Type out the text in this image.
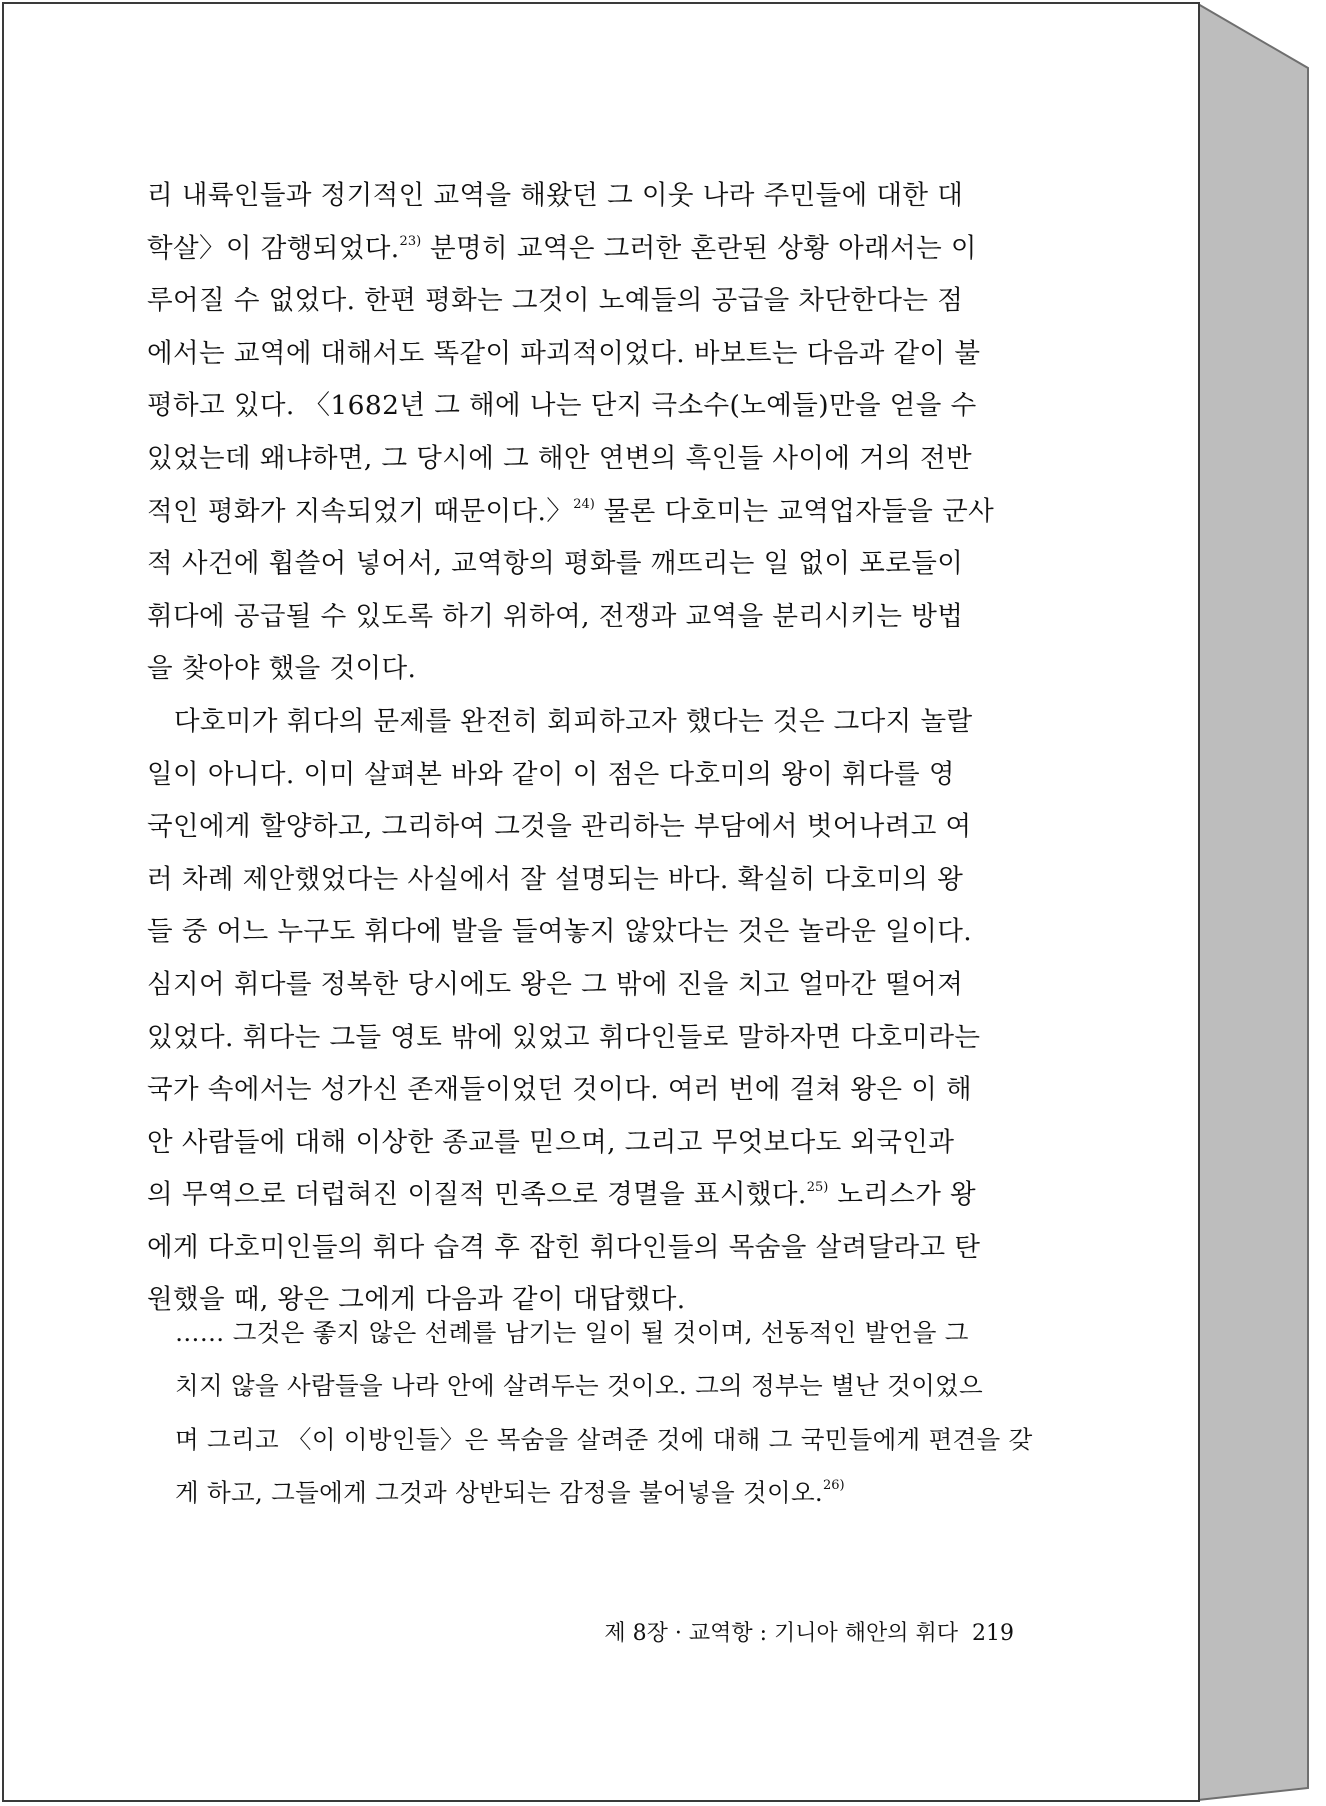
리 내륙인들과 정기적인 교역을 해왔던 그 이웃 나라 주민들에 대한 대
학살〉이 감행되었다.$^{23)}$ 분명히 교역은 그러한 혼란된 상황 아래서는 이
루어질 수 없었다. 한편 평화는 그것이 노예들의 공급을 차단한다는 점
에서는 교역에 대해서도 똑같이 파괴적이었다. 바보트는 다음과 같이 불
평하고 있다. 〈1682년 그 해에 나는 단지 극소수(노예들)만을 얻을 수
있었는데 왜냐하면, 그 당시에 그 해안 연변의 흑인들 사이에 거의 전반
적인 평화가 지속되었기 때문이다.〉$^{24)}$ 물론 다호미는 교역업자들을 군사
적 사건에 휩쓸어 넣어서, 교역항의 평화를 깨뜨리는 일 없이 포로들이
휘다에 공급될 수 있도록 하기 위하여, 전쟁과 교역을 분리시키는 방법
을 찾아야 했을 것이다.
　다호미가 휘다의 문제를 완전히 회피하고자 했다는 것은 그다지 놀랄
일이 아니다. 이미 살펴본 바와 같이 이 점은 다호미의 왕이 휘다를 영
국인에게 할양하고, 그리하여 그것을 관리하는 부담에서 벗어나려고 여
러 차례 제안했었다는 사실에서 잘 설명되는 바다. 확실히 다호미의 왕
들 중 어느 누구도 휘다에 발을 들여놓지 않았다는 것은 놀라운 일이다.
심지어 휘다를 정복한 당시에도 왕은 그 밖에 진을 치고 얼마간 떨어져
있었다. 휘다는 그들 영토 밖에 있었고 휘다인들로 말하자면 다호미라는
국가 속에서는 성가신 존재들이었던 것이다. 여러 번에 걸쳐 왕은 이 해
안 사람들에 대해 이상한 종교를 믿으며, 그리고 무엇보다도 외국인과
의 무역으로 더럽혀진 이질적 민족으로 경멸을 표시했다.$^{25)}$ 노리스가 왕
에게 다호미인들의 휘다 습격 후 잡힌 휘다인들의 목숨을 살려달라고 탄
원했을 때, 왕은 그에게 다음과 같이 대답했다.
…… 그것은 좋지 않은 선례를 남기는 일이 될 것이며, 선동적인 발언을 그
치지 않을 사람들을 나라 안에 살려두는 것이오. 그의 정부는 별난 것이었으
며 그리고 〈이 이방인들〉은 목숨을 살려준 것에 대해 그 국민들에게 편견을 갖
게 하고, 그들에게 그것과 상반되는 감정을 불어넣을 것이오.$^{26)}$
제 8장 · 교역항 : 기니아 해안의 휘다 219
